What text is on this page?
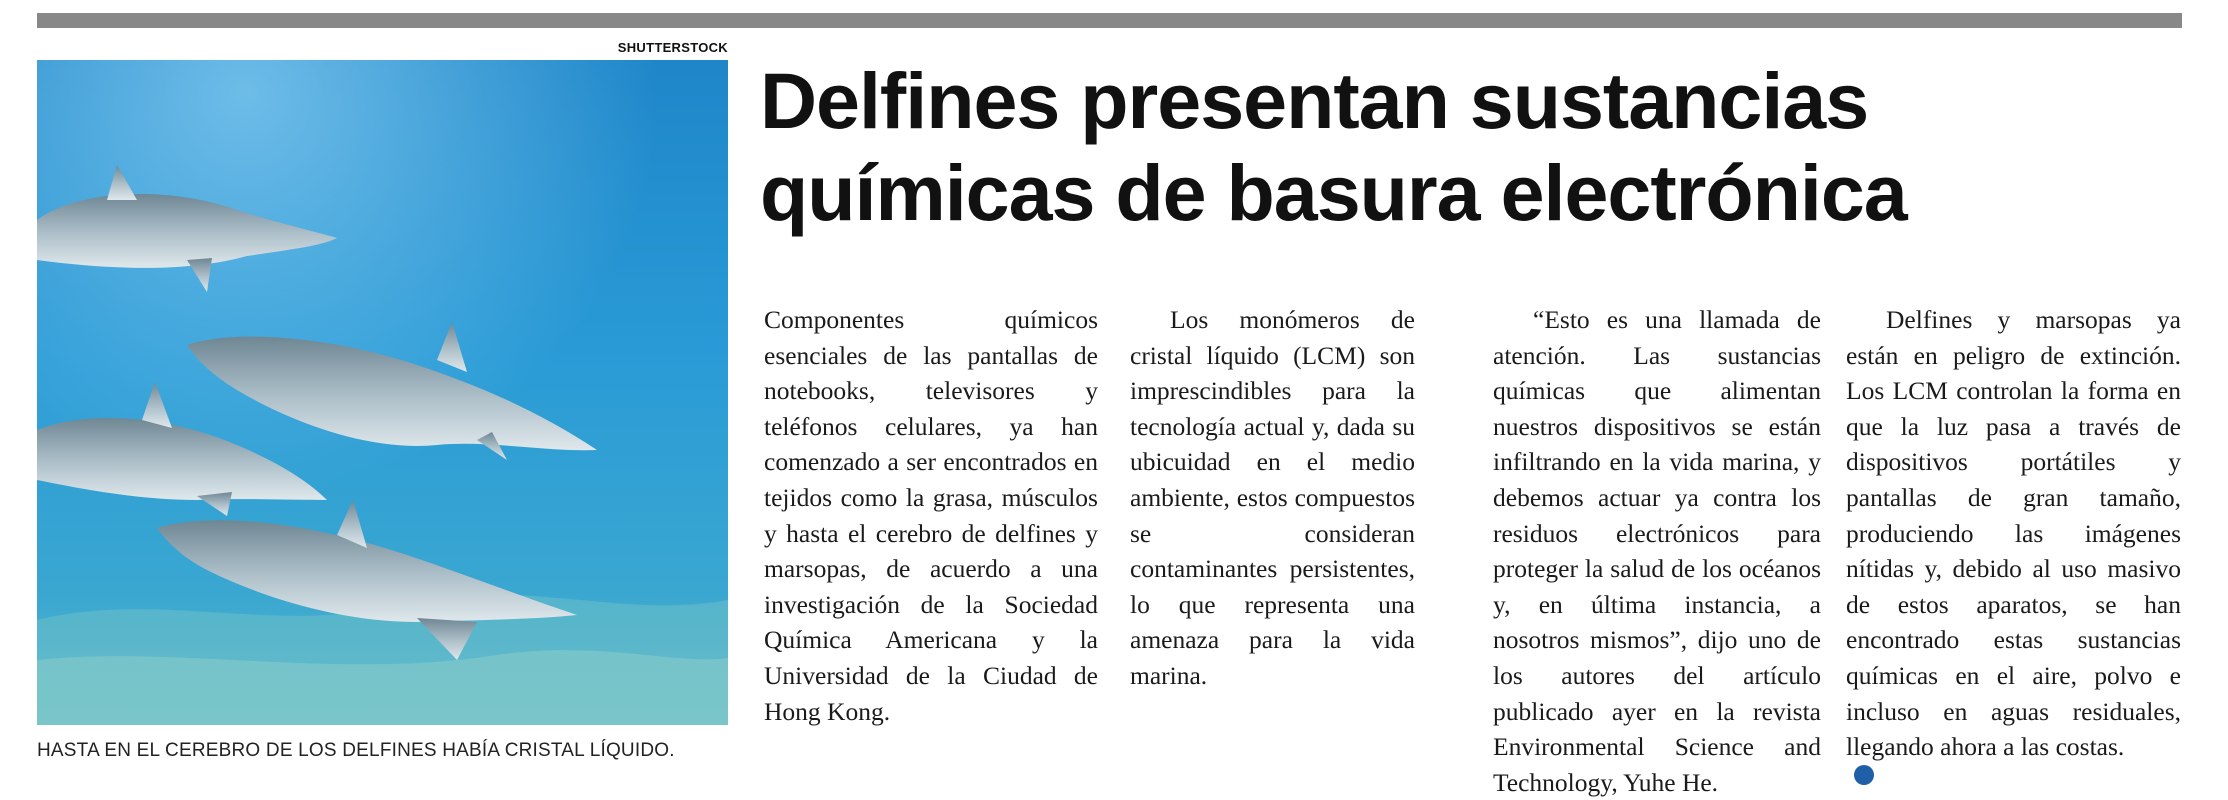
SHUTTERSTOCK
HASTA EN EL CEREBRO DE LOS DELFINES HABÍA CRISTAL LÍQUIDO.
Delfines presentan sustancias
químicas de basura electrónica
Componentes químicos esenciales de las pantallas de notebooks, televisores y teléfonos celulares, ya han comenzado a ser encontrados en tejidos como la grasa, músculos y hasta el cerebro de delfines y marsopas, de acuerdo a una investigación de la Sociedad Química Americana y la Universidad de la Ciudad de Hong Kong.
Los monómeros de cristal líquido (LCM) son imprescindibles para la tecnología actual y, dada su ubicuidad en el medio ambiente, estos compuestos se consideran contaminantes persistentes, lo que representa una amenaza para la vida marina.
“Esto es una llamada de atención. Las sustancias químicas que alimentan nuestros dispositivos se están infiltrando en la vida marina, y debemos actuar ya contra los residuos electrónicos para proteger la salud de los océanos y, en última instancia, a nosotros mismos”, dijo uno de los autores del artículo publicado ayer en la revista Environmental Science and Technology, Yuhe He.
Delfines y marsopas ya están en peligro de extinción. Los LCM controlan la forma en que la luz pasa a través de dispositivos portátiles y pantallas de gran tamaño, produciendo las imágenes nítidas y, debido al uso masivo de estos aparatos, se han encontrado estas sustancias químicas en el aire, polvo e incluso en aguas residuales, llegando ahora a las costas.
✪
